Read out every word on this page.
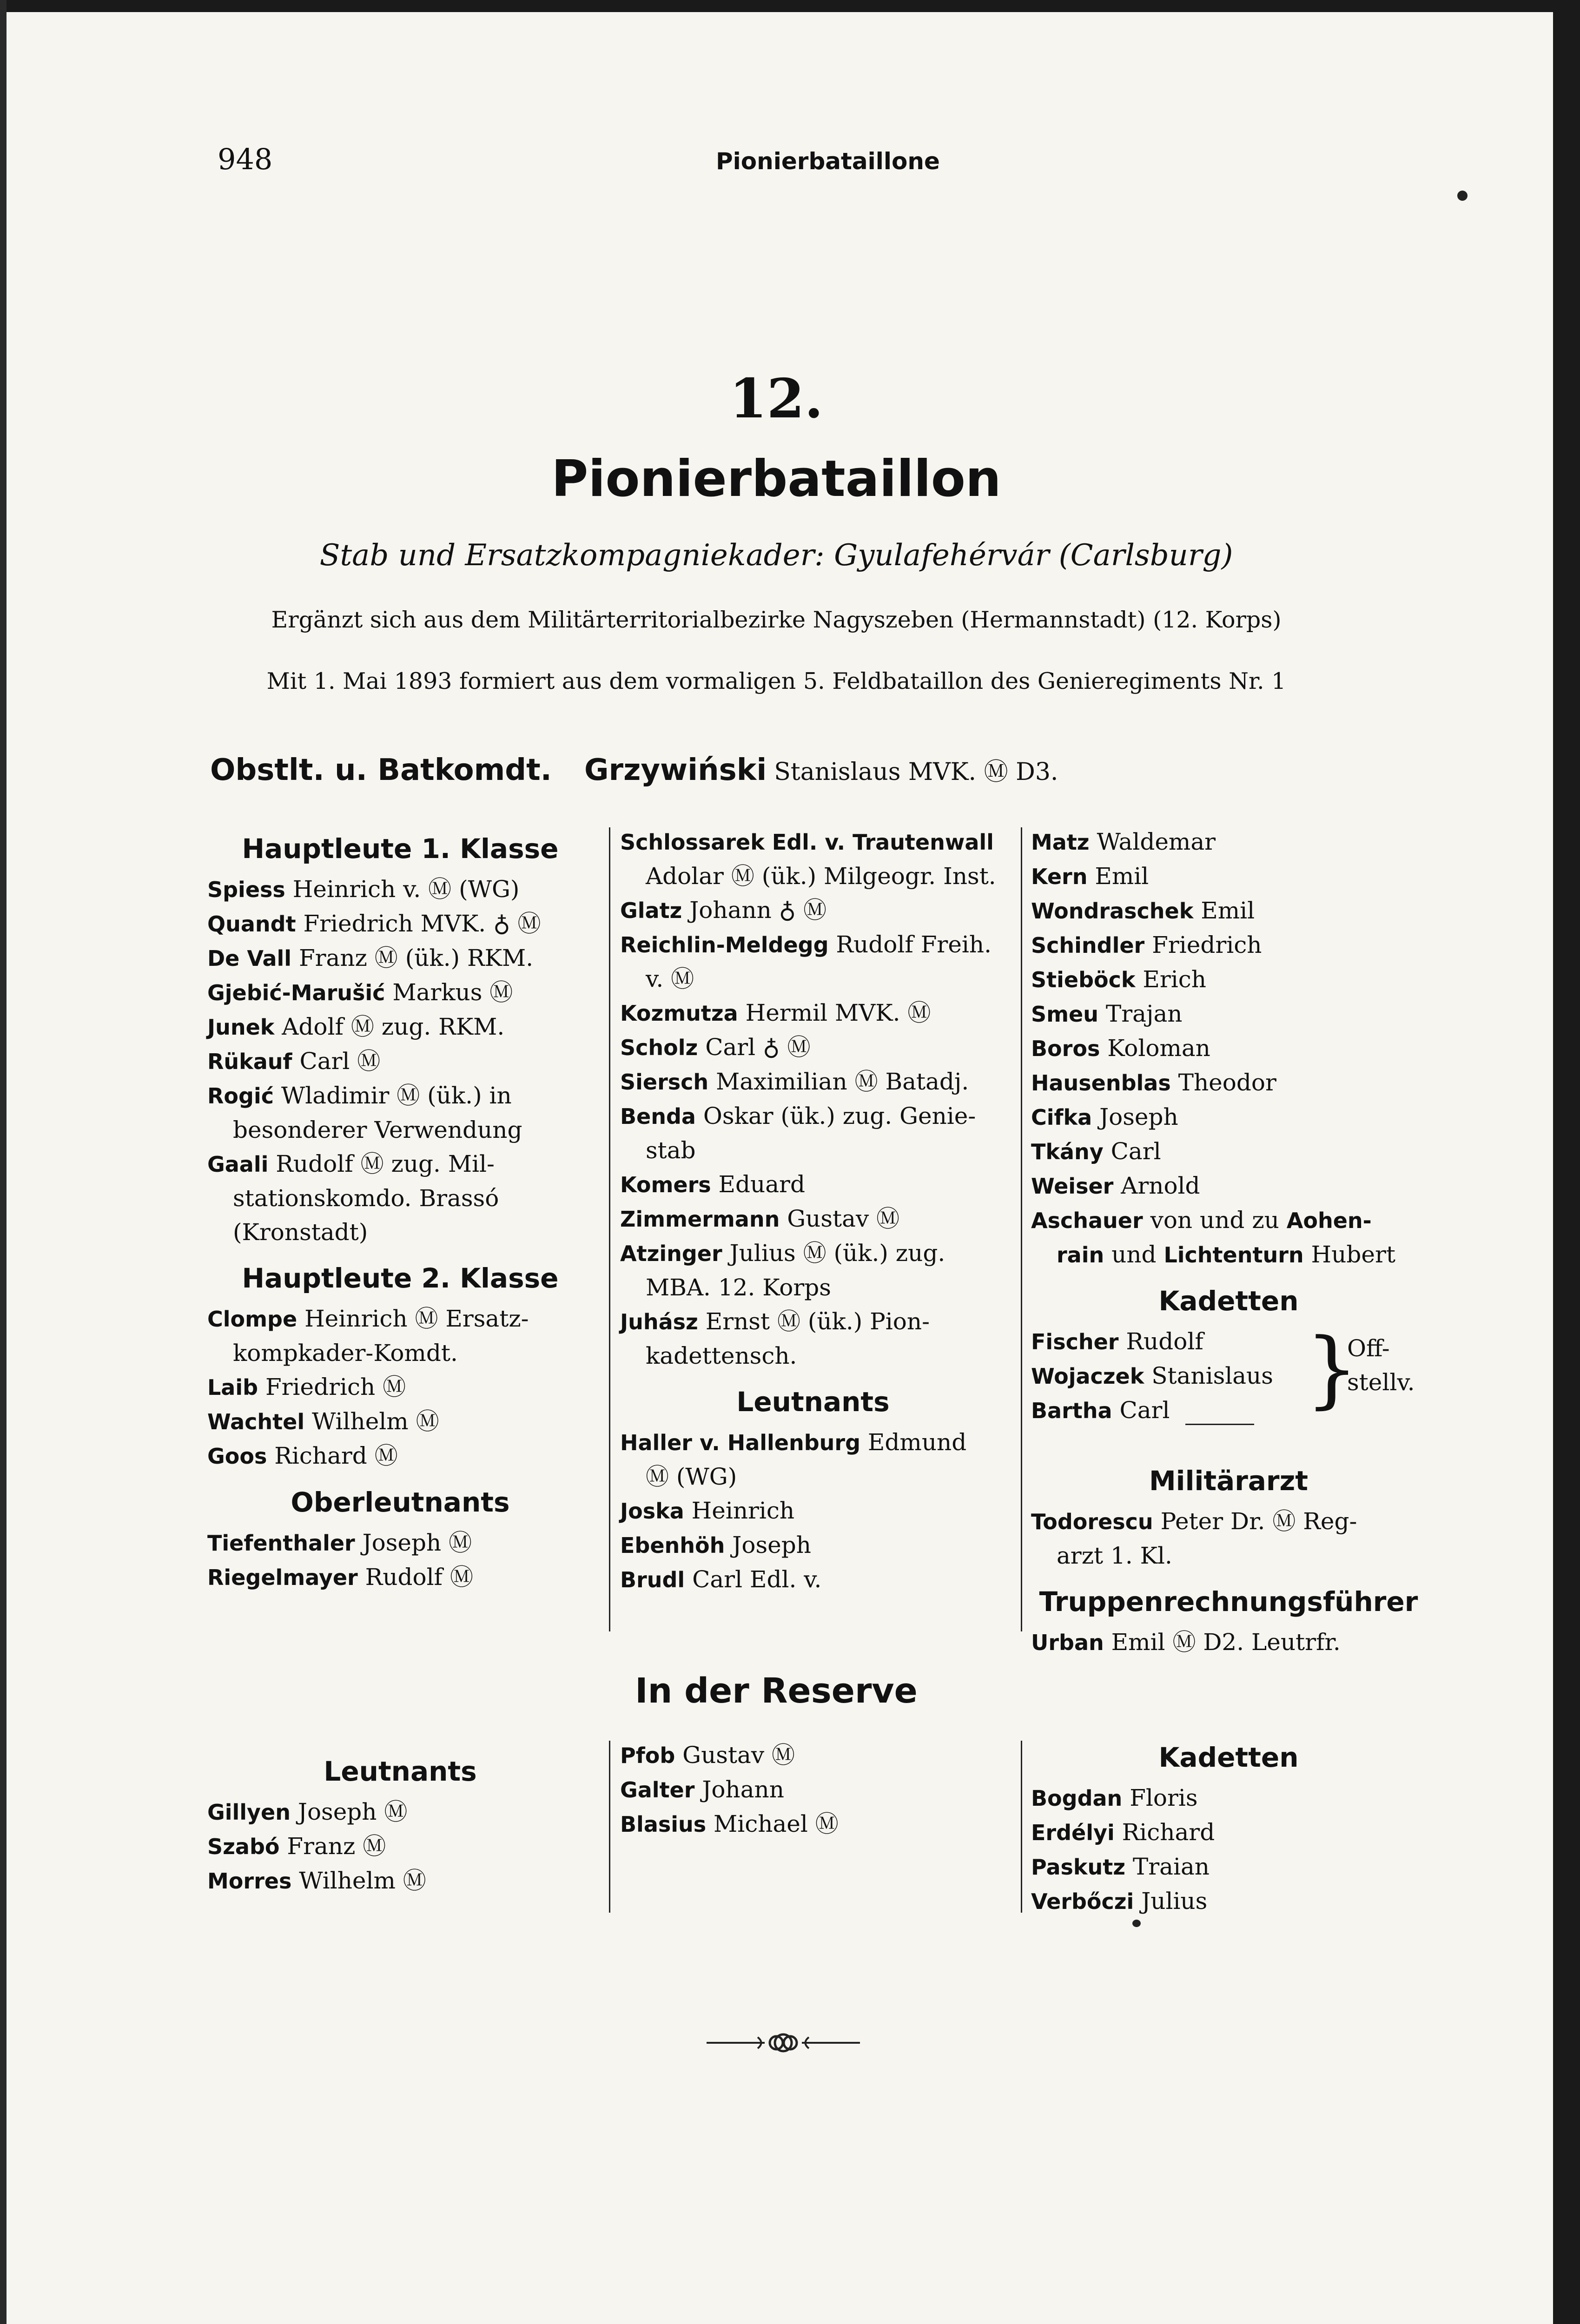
948	Pionierbataillone
12.
Pionierbataillon
Stab und Ersatzkompagniekader: Gyulafehérvár (Carlsburg)
Ergänzt sich aus dem Militärterritorialbezirke Nagyszeben (Hermannstadt) (12. Korps)
Mit 1. Mai 1893 formiert aus dem vormaligen 5. Feldbataillon des Genieregiments Nr. 1
Obstlt. u. Batkomdt. Grzywiński Stanislaus MVK. Ⓜ D3.
Hauptleute 1. Klasse

Spiess Heinrich v. Ⓜ (WG)

Quandt Friedrich MVK. ♁ Ⓜ

De Vall Franz Ⓜ (ük.) RKM.

Gjebić-Marušić Markus Ⓜ

Junek Adolf Ⓜ zug. RKM.

Rükauf Carl Ⓜ

Rogić Wladimir Ⓜ (ük.) in
besonderer Verwendung

Gaali Rudolf Ⓜ zug. Mil-
stationskomdo. Brassó (Kronstadt)

Hauptleute 2. Klasse

Clompe Heinrich Ⓜ Ersatz-
kompkader-Komdt.

Laib Friedrich Ⓜ

Wachtel Wilhelm Ⓜ

Goos Richard Ⓜ

Oberleutnants

Tiefenthaler Joseph Ⓜ

Riegelmayer Rudolf Ⓜ

Schlossarek Edl. v. Trautenwall
Adolar Ⓜ (ük.) Milgeogr. Inst.

Glatz Johann ♁ Ⓜ

Reichlin-Meldegg Rudolf Freih.
v. Ⓜ

Kozmutza Hermil MVK. Ⓜ

Scholz Carl ♁ Ⓜ

Siersch Maximilian Ⓜ Batadj.

Benda Oskar (ük.) zug. Genie-
stab

Komers Eduard

Zimmermann Gustav Ⓜ

Atzinger Julius Ⓜ (ük.) zug.
MBA. 12. Korps

Juhász Ernst Ⓜ (ük.) Pion-
kadettensch.

Leutnants

Haller v. Hallenburg Edmund
Ⓜ (WG)

Joska Heinrich

Ebenhöh Joseph

Brudl Carl Edl. v.

Matz Waldemar

Kern Emil

Wondraschek Emil

Schindler Friedrich

Stieböck Erich

Smeu Trajan

Boros Koloman

Hausenblas Theodor

Cifka Joseph

Tkány Carl

Weiser Arnold

Aschauer von und zu Aohen-
rain und Lichtenturn Hubert

Kadetten

Fischer Rudolf

Wojaczek Stanislaus

Bartha Carl

Militärarzt

Todorescu Peter Dr. Ⓜ Reg-
arzt 1. Kl.

Truppenrechnungsführer

Urban Emil Ⓜ D2. Leutrfr.

}
Off-
stellv.
In der Reserve
Leutnants

Gillyen Joseph Ⓜ

Szabó Franz Ⓜ

Morres Wilhelm Ⓜ

Pfob Gustav Ⓜ

Galter Johann

Blasius Michael Ⓜ

Kadetten

Bogdan Floris

Erdélyi Richard

Paskutz Traian

Verbőczi Julius
